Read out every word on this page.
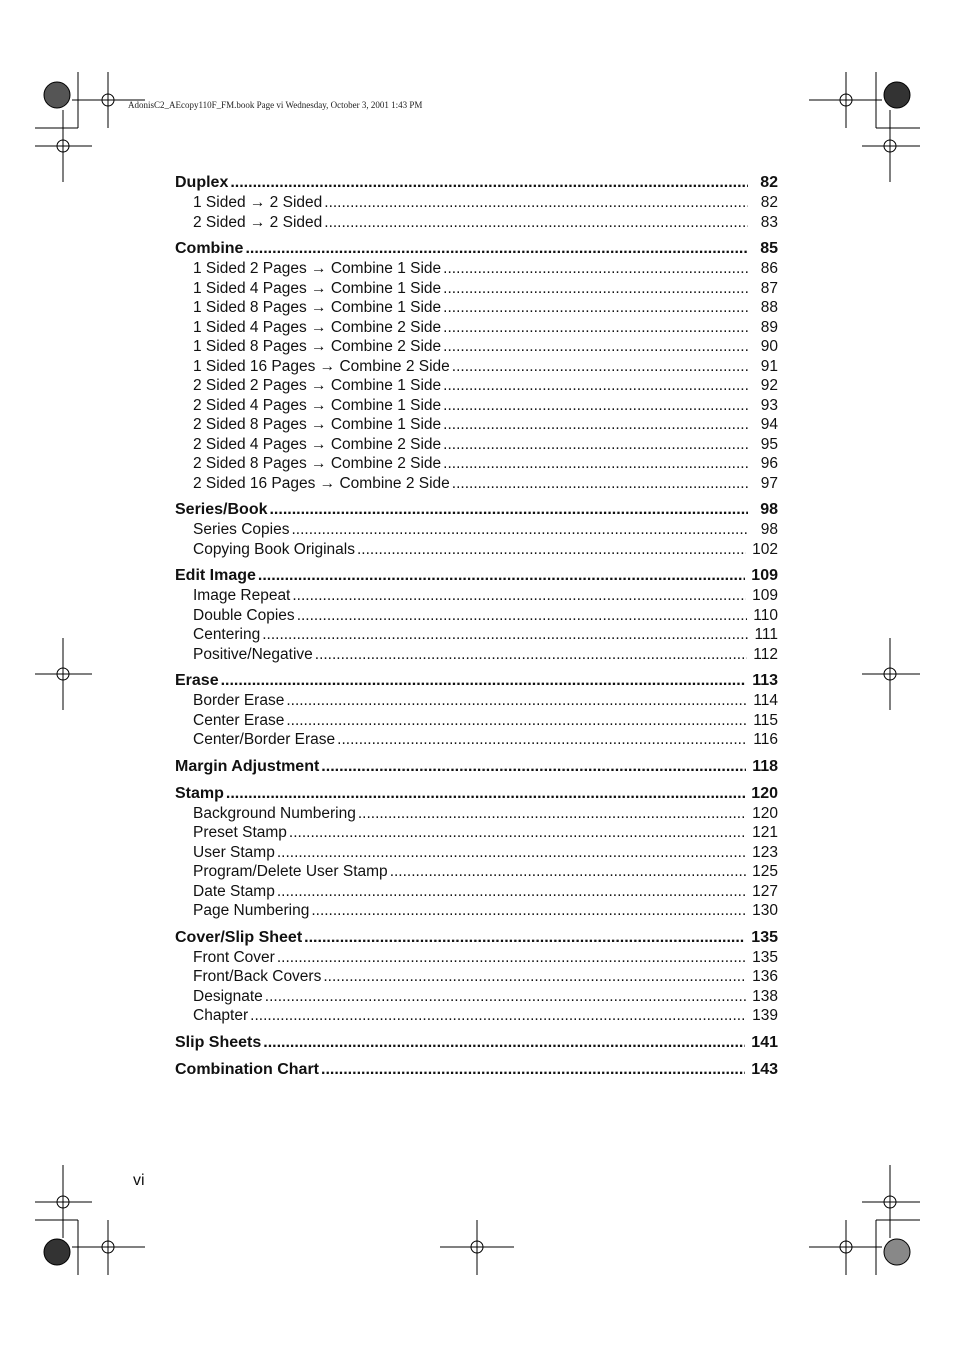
AdonisC2_AEcopy110F_FM.book Page vi Wednesday, October 3, 2001 1:43 PM
Duplex .....	82
1 Sided → 2 Sided .....	82
2 Sided → 2 Sided .....	83
Combine .....	85
1 Sided 2 Pages → Combine 1 Side .....	86
1 Sided 4 Pages → Combine 1 Side .....	87
1 Sided 8 Pages → Combine 1 Side .....	88
1 Sided 4 Pages → Combine 2 Side .....	89
1 Sided 8 Pages → Combine 2 Side .....	90
1 Sided 16 Pages → Combine 2 Side .....	91
2 Sided 2 Pages → Combine 1 Side .....	92
2 Sided 4 Pages → Combine 1 Side .....	93
2 Sided 8 Pages → Combine 1 Side .....	94
2 Sided 4 Pages → Combine 2 Side .....	95
2 Sided 8 Pages → Combine 2 Side .....	96
2 Sided 16 Pages → Combine 2 Side .....	97
Series/Book .....	98
Series Copies .....	98
Copying Book Originals .....	102
Edit Image .....	109
Image Repeat .....	109
Double Copies .....	110
Centering .....	111
Positive/Negative .....	112
Erase .....	113
Border Erase .....	114
Center Erase .....	115
Center/Border Erase .....	116
Margin Adjustment .....	118
Stamp .....	120
Background Numbering .....	120
Preset Stamp .....	121
User Stamp .....	123
Program/Delete User Stamp .....	125
Date Stamp .....	127
Page Numbering .....	130
Cover/Slip Sheet .....	135
Front Cover .....	135
Front/Back Covers .....	136
Designate .....	138
Chapter .....	139
Slip Sheets .....	141
Combination Chart .....	143
vi
